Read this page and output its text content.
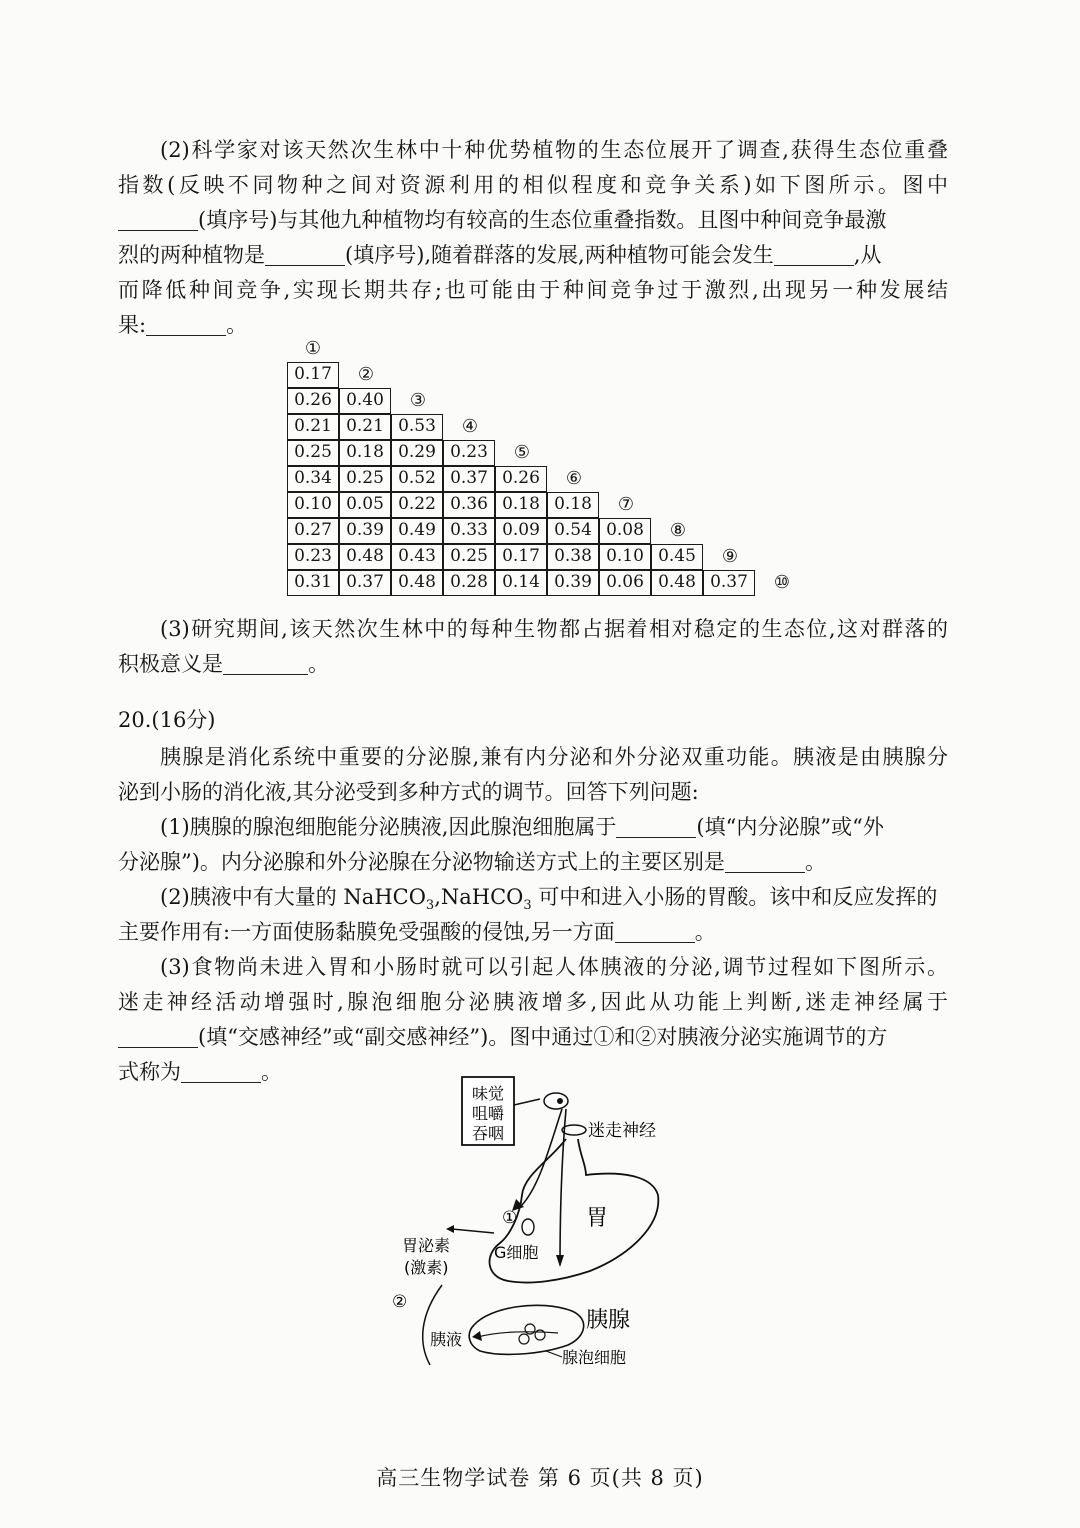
(2)科学家对该天然次生林中十种优势植物的生态位展开了调查,获得生态位重叠
指数(反映不同物种之间对资源利用的相似程度和竞争关系)如下图所示。图中
(填序号)与其他九种植物均有较高的生态位重叠指数。且图中种间竞争最激
烈的两种植物是	(填序号),随着群落的发展,两种植物可能会发生	,从
而降低种间竞争,实现长期共存;也可能由于种间竞争过于激烈,出现另一种发展结
果:	。
①
0.17	②
0.26 0.40	③
0.21 0.21 0.53	④
0.25 0.18 0.29 0.23	⑤
0.34 0.25 0.52 0.37 0.26	⑥
0.10 0.05 0.22 0.36 0.18 0.18	⑦
0.27 0.39 0.49 0.33 0.09 0.54 0.08	⑧
0.23 0.48 0.43 0.25 0.17 0.38 0.10 0.45	⑨
0.31 0.37 0.48 0.28 0.14 0.39 0.06 0.48 0.37	⑩
(3)研究期间,该天然次生林中的每种生物都占据着相对稳定的生态位,这对群落的
积极意义是	。
20.(16分)
胰腺是消化系统中重要的分泌腺,兼有内分泌和外分泌双重功能。胰液是由胰腺分
泌到小肠的消化液,其分泌受到多种方式的调节。回答下列问题:
(1)胰腺的腺泡细胞能分泌胰液,因此腺泡细胞属于	(填“内分泌腺”或“外
分泌腺”)。内分泌腺和外分泌腺在分泌物输送方式上的主要区别是	。
(2)胰液中有大量的 NaHCO$_3$,NaHCO$_3$ 可中和进入小肠的胃酸。该中和反应发挥的
主要作用有:一方面使肠黏膜免受强酸的侵蚀,另一方面	。
(3)食物尚未进入胃和小肠时就可以引起人体胰液的分泌,调节过程如下图所示。
迷走神经活动增强时,腺泡细胞分泌胰液增多,因此从功能上判断,迷走神经属于
(填“交感神经”或“副交感神经”)。图中通过①和②对胰液分泌实施调节的方
式称为	。
味觉
咀嚼
吞咽	迷走神经
胃
①
G细胞
胃泌素
(激素)
②
胰腺
胰液
腺泡细胞
高三生物学试卷 第 6 页(共 8 页)
